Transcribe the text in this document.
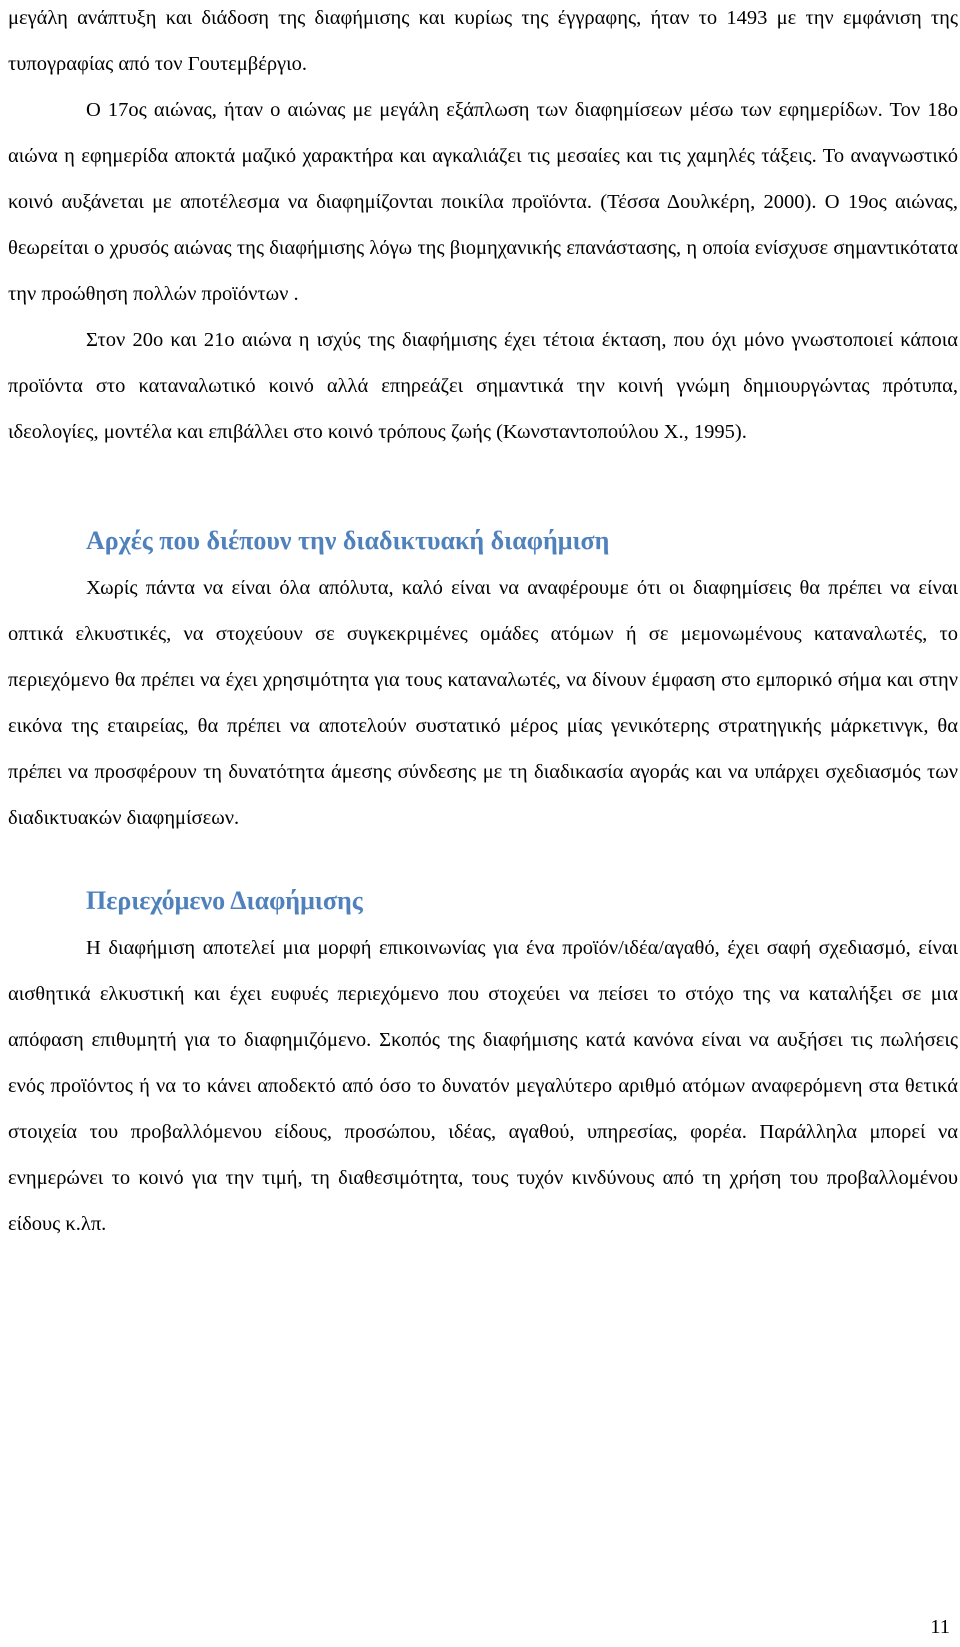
μεγάλη ανάπτυξη και διάδοση της διαφήμισης και κυρίως της έγγραφης, ήταν το 1493 με την εμφάνιση της τυπογραφίας από τον Γουτεμβέργιο.

Ο 17ος αιώνας, ήταν ο αιώνας με μεγάλη εξάπλωση των διαφημίσεων μέσω των εφημερίδων. Τον 18ο αιώνα η εφημερίδα αποκτά μαζικό χαρακτήρα και αγκαλιάζει τις μεσαίες και τις χαμηλές τάξεις. Το αναγνωστικό κοινό αυξάνεται με αποτέλεσμα να διαφημίζονται ποικίλα προϊόντα. (Τέσσα Δουλκέρη, 2000). Ο 19ος αιώνας, θεωρείται ο χρυσός αιώνας της διαφήμισης λόγω της βιομηχανικής επανάστασης, η οποία ενίσχυσε σημαντικότατα την προώθηση πολλών προϊόντων .

Στον 20ο και 21ο αιώνα η ισχύς της διαφήμισης έχει τέτοια έκταση, που όχι μόνο γνωστοποιεί κάποια προϊόντα στο καταναλωτικό κοινό αλλά επηρεάζει σημαντικά την κοινή γνώμη δημιουργώντας πρότυπα, ιδεολογίες, μοντέλα και επιβάλλει στο κοινό τρόπους ζωής (Κωνσταντοπούλου Χ., 1995).

Αρχές που διέπουν την διαδικτυακή διαφήμιση

Χωρίς πάντα να είναι όλα απόλυτα, καλό είναι να αναφέρουμε ότι οι διαφημίσεις θα πρέπει να είναι οπτικά ελκυστικές, να στοχεύουν σε συγκεκριμένες ομάδες ατόμων ή σε μεμονωμένους καταναλωτές, το περιεχόμενο θα πρέπει να έχει χρησιμότητα για τους καταναλωτές, να δίνουν έμφαση στο εμπορικό σήμα και στην εικόνα της εταιρείας, θα πρέπει να αποτελούν συστατικό μέρος μίας γενικότερης στρατηγικής μάρκετινγκ, θα πρέπει να προσφέρουν τη δυνατότητα άμεσης σύνδεσης με τη διαδικασία αγοράς και να υπάρχει σχεδιασμός των διαδικτυακών διαφημίσεων.

Περιεχόμενο Διαφήμισης

Η διαφήμιση αποτελεί μια μορφή επικοινωνίας για ένα προϊόν/ιδέα/αγαθό, έχει σαφή σχεδιασμό, είναι αισθητικά ελκυστική και έχει ευφυές περιεχόμενο που στοχεύει να πείσει το στόχο της να καταλήξει σε μια απόφαση επιθυμητή για το διαφημιζόμενο. Σκοπός της διαφήμισης κατά κανόνα είναι να αυξήσει τις πωλήσεις ενός προϊόντος ή να το κάνει αποδεκτό από όσο το δυνατόν μεγαλύτερο αριθμό ατόμων αναφερόμενη στα θετικά στοιχεία του προβαλλόμενου είδους, προσώπου, ιδέας, αγαθού, υπηρεσίας, φορέα. Παράλληλα μπορεί να ενημερώνει το κοινό για την τιμή, τη διαθεσιμότητα, τους τυχόν κινδύνους από τη χρήση του προβαλλομένου είδους κ.λπ.

11
